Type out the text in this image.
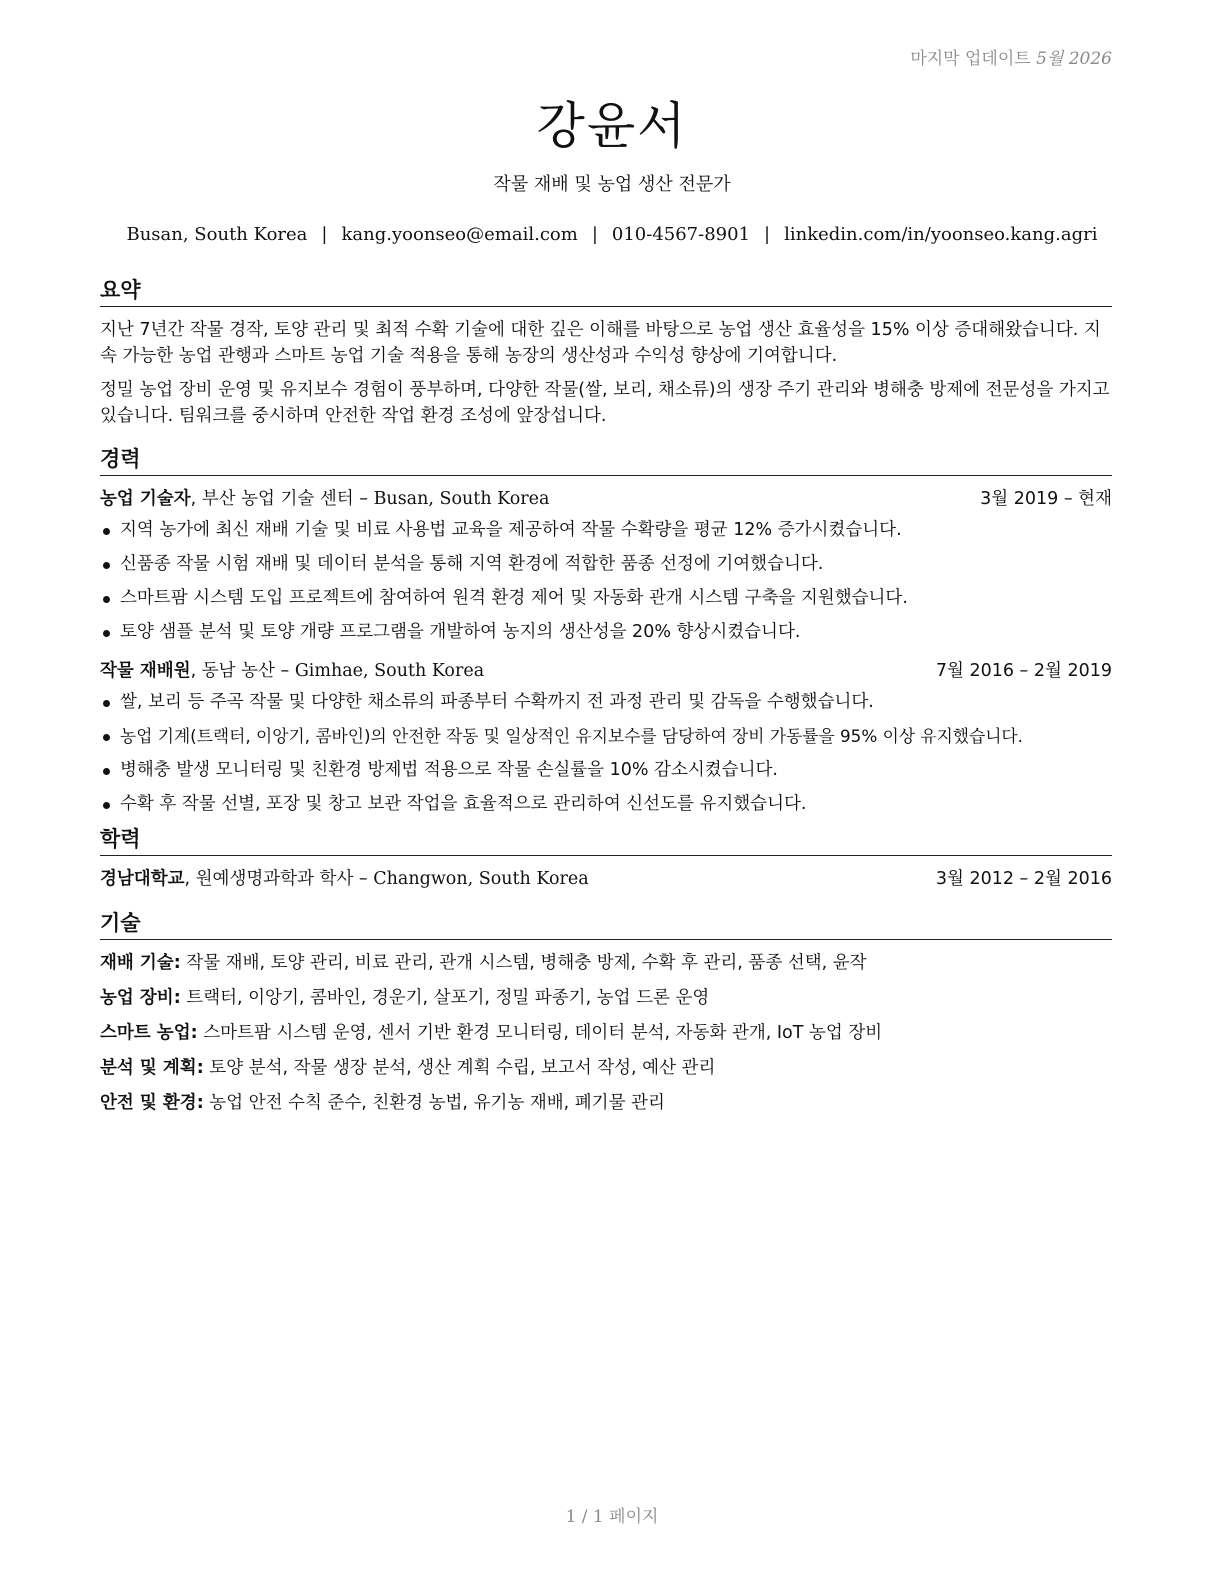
마지막 업데이트 5월 2026
강윤서
작물 재배 및 농업 생산 전문가
Busan, South Korea | kang.yoonseo@email.com | 010-4567-8901 | linkedin.com/in/yoonseo.kang.agri
요약

지난 7년간 작물 경작, 토양 관리 및 최적 수확 기술에 대한 깊은 이해를 바탕으로 농업 생산 효율성을 15% 이상 증대해왔습니다. 지속 가능한 농업 관행과 스마트 농업 기술 적용을 통해 농장의 생산성과 수익성 향상에 기여합니다.

정밀 농업 장비 운영 및 유지보수 경험이 풍부하며, 다양한 작물(쌀, 보리, 채소류)의 생장 주기 관리와 병해충 방제에 전문성을 가지고 있습니다. 팀워크를 중시하며 안전한 작업 환경 조성에 앞장섭니다.

경력
농업 기술자, 부산 농업 기술 센터 – Busan, South Korea	3월 2019 – 현재
지역 농가에 최신 재배 기술 및 비료 사용법 교육을 제공하여 작물 수확량을 평균 12% 증가시켰습니다.
신품종 작물 시험 재배 및 데이터 분석을 통해 지역 환경에 적합한 품종 선정에 기여했습니다.
스마트팜 시스템 도입 프로젝트에 참여하여 원격 환경 제어 및 자동화 관개 시스템 구축을 지원했습니다.
토양 샘플 분석 및 토양 개량 프로그램을 개발하여 농지의 생산성을 20% 향상시켰습니다.
작물 재배원, 동남 농산 – Gimhae, South Korea	7월 2016 – 2월 2019
쌀, 보리 등 주곡 작물 및 다양한 채소류의 파종부터 수확까지 전 과정 관리 및 감독을 수행했습니다.
농업 기계(트랙터, 이앙기, 콤바인)의 안전한 작동 및 일상적인 유지보수를 담당하여 장비 가동률을 95% 이상 유지했습니다.
병해충 발생 모니터링 및 친환경 방제법 적용으로 작물 손실률을 10% 감소시켰습니다.
수확 후 작물 선별, 포장 및 창고 보관 작업을 효율적으로 관리하여 신선도를 유지했습니다.
학력
경남대학교, 원예생명과학과 학사 – Changwon, South Korea	3월 2012 – 2월 2016
기술
재배 기술: 작물 재배, 토양 관리, 비료 관리, 관개 시스템, 병해충 방제, 수확 후 관리, 품종 선택, 윤작
농업 장비: 트랙터, 이앙기, 콤바인, 경운기, 살포기, 정밀 파종기, 농업 드론 운영
스마트 농업: 스마트팜 시스템 운영, 센서 기반 환경 모니터링, 데이터 분석, 자동화 관개, IoT 농업 장비
분석 및 계획: 토양 분석, 작물 생장 분석, 생산 계획 수립, 보고서 작성, 예산 관리
안전 및 환경: 농업 안전 수칙 준수, 친환경 농법, 유기농 재배, 폐기물 관리
1 / 1 페이지
